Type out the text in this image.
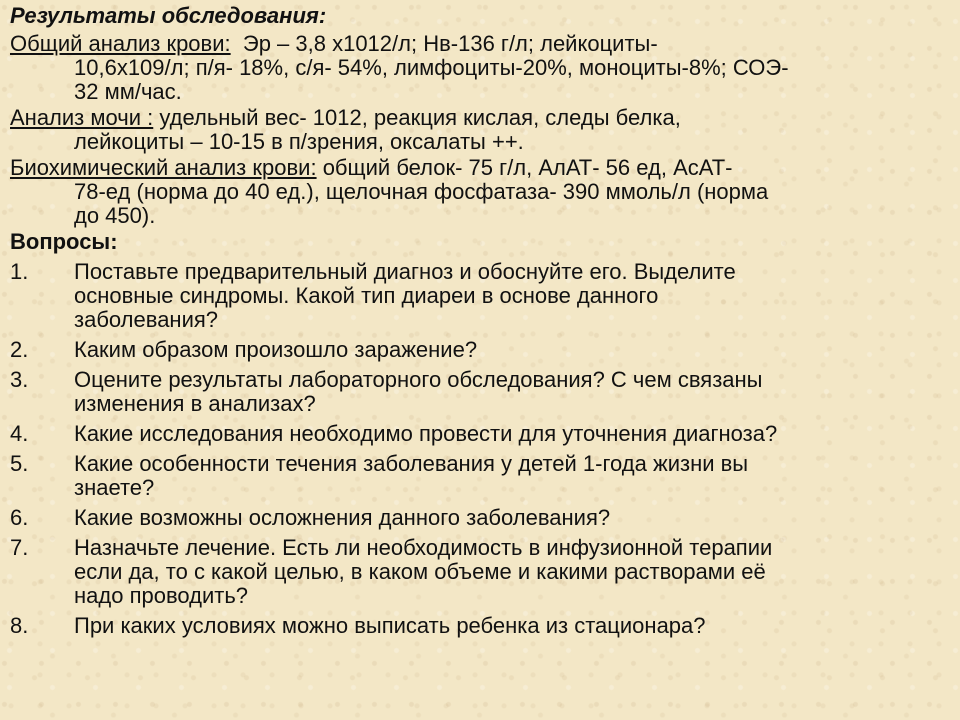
Результаты обследования:
Общий анализ крови: Эр – 3,8 х1012/л; Нв-136 г/л; лейкоциты-
10,6х109/л; п/я- 18%, с/я- 54%, лимфоциты-20%, моноциты-8%; СОЭ-
32 мм/час.
Анализ мочи : удельный вес- 1012, реакция кислая, следы белка,
лейкоциты – 10-15 в п/зрения, оксалаты ++.
Биохимический анализ крови: общий белок- 75 г/л, АлАТ- 56 ед, АсАТ-
78-ед (норма до 40 ед.), щелочная фосфатаза- 390 ммоль/л (норма
до 450).
Вопросы:
1. Поставьте предварительный диагноз и обоснуйте его. Выделите
основные синдромы. Какой тип диареи в основе данного
заболевания?
2. Каким образом произошло заражение?
3. Оцените результаты лабораторного обследования? С чем связаны
изменения в анализах?
4. Какие исследования необходимо провести для уточнения диагноза?
5. Какие особенности течения заболевания у детей 1-года жизни вы
знаете?
6. Какие возможны осложнения данного заболевания?
7. Назначьте лечение. Есть ли необходимость в инфузионной терапии
если да, то с какой целью, в каком объеме и какими растворами её
надо проводить?
8. При каких условиях можно выписать ребенка из стационара?
